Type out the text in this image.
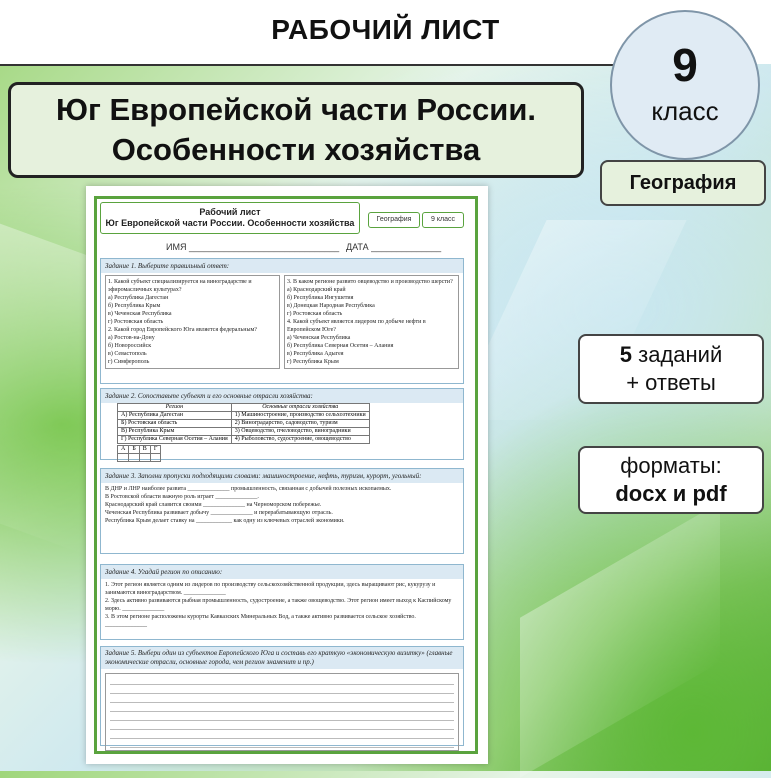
РАБОЧИЙ ЛИСТ
Юг Европейской части России.
Особенности хозяйства
9
класс
География
5 заданий
+ ответы
форматы:
docx и pdf
Рабочий лист
Юг Европейской части России. Особенности хозяйства	География	9 класс
ИМЯ ______________________________ ДАТА ______________
Задание 1. Выберите правильный ответ:
1. Какой субъект специализируется на виноградарстве и эфиромасличных культурах?
а) Республика Дагестан
б) Республика Крым
в) Чеченская Республика
г) Ростовская область
2. Какой город Европейского Юга является федеральным?
а) Ростов-на-Дону
б) Новороссийск
в) Севастополь
г) Симферополь
3. В каком регионе развито овцеводство и производство шерсти?
а) Краснодарский край
б) Республика Ингушетия
в) Донецкая Народная Республика
г) Ростовская область
4. Какой субъект является лидером по добыче нефти в Европейском Юге?
а) Чеченская Республика
б) Республика Северная Осетия – Алания
в) Республика Адыгея
г) Республика Крым
Задание 2. Сопоставьте субъект и его основные отрасли хозяйства:
Регион	Основные отрасли хозяйства
А) Республика Дагестан	1) Машиностроение, производство сельхозтехники
Б) Ростовская область	2) Виноградарство, садоводство, туризм
В) Республика Крым	3) Овцеводство, пчеловодство, виноградники
Г) Республика Северная Осетия – Алания	4) Рыболовство, судостроение, овощеводство
А	Б	В	Г

Задание 3. Заполни пропуски подходящими словами: машиностроение, нефть, туризм, курорт, угольный:
В ДНР и ЛНР наиболее развита ______________ промышленность, связанная с добычей полезных ископаемых.
В Ростовской области важную роль играет ______________.
Краснодарский край славится своими ______________ на Черноморском побережье.
Чеченская Республика развивает добычу ______________ и перерабатывающую отрасль.
Республика Крым делает ставку на ____________ как одну из ключевых отраслей экономики.
Задание 4. Угадай регион по описанию:
1. Этот регион является одним из лидеров по производству сельскохозяйственной продукции, здесь выращивают рис, кукурузу и занимаются виноградарством. ______________
2. Здесь активно развиваются рыбная промышленность, судостроение, а также овощеводство. Этот регион имеет выход к Каспийскому морю. ______________
3. В этом регионе расположены курорты Кавказских Минеральных Вод, а также активно развивается сельское хозяйство. ______________
Задание 5. Выбери один из субъектов Европейского Юга и составь его краткую «экономическую визитку» (главные экономические отрасли, основные города, чем регион знаменит и пр.)
